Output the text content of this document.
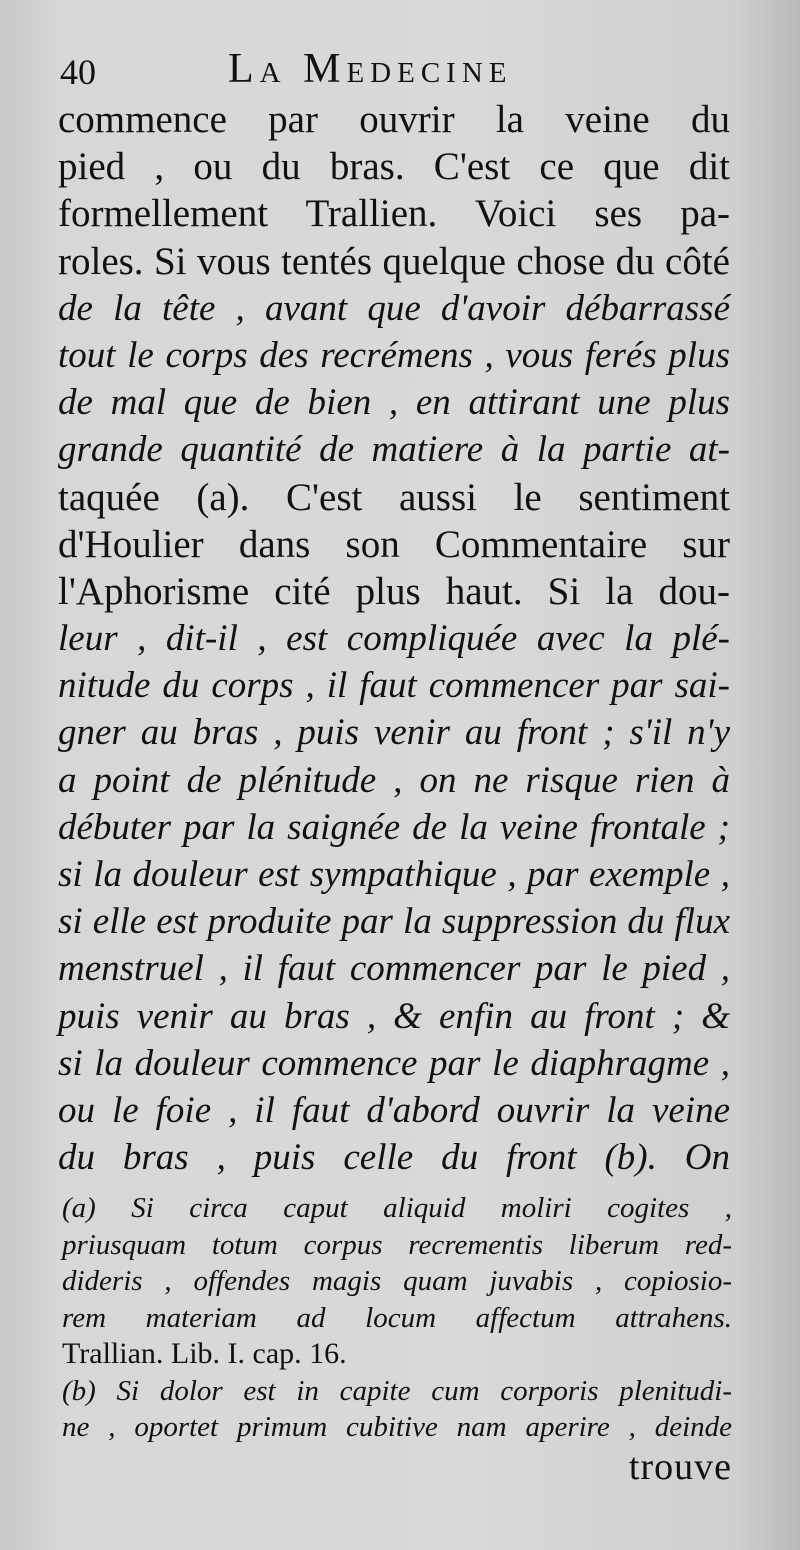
40	La Medecine
commence par ouvrir la veine du
pied , ou du bras. C'est ce que dit
formellement Trallien. Voici ses pa-
roles. Si vous tentés quelque chose du côté
de la tête , avant que d'avoir débarrassé
tout le corps des recrémens , vous ferés plus
de mal que de bien , en attirant une plus
grande quantité de matiere à la partie at-
taquée (a). C'est aussi le sentiment
d'Houlier dans son Commentaire sur
l'Aphorisme cité plus haut. Si la dou-
leur , dit-il , est compliquée avec la plé-
nitude du corps , il faut commencer par sai-
gner au bras , puis venir au front ; s'il n'y
a point de plénitude , on ne risque rien à
débuter par la saignée de la veine frontale ;
si la douleur est sympathique , par exemple ,
si elle est produite par la suppression du flux
menstruel , il faut commencer par le pied ,
puis venir au bras , & enfin au front ; &
si la douleur commence par le diaphragme ,
ou le foie , il faut d'abord ouvrir la veine
du bras , puis celle du front (b). On
(a) Si circa caput aliquid moliri cogites ,
priusquam totum corpus recrementis liberum red-
dideris , offendes magis quam juvabis , copiosio-
rem materiam ad locum affectum attrahens.
Trallian. Lib. I. cap. 16.
(b) Si dolor est in capite cum corporis plenitudi-
ne , oportet primum cubitive nam aperire , deinde
trouve
